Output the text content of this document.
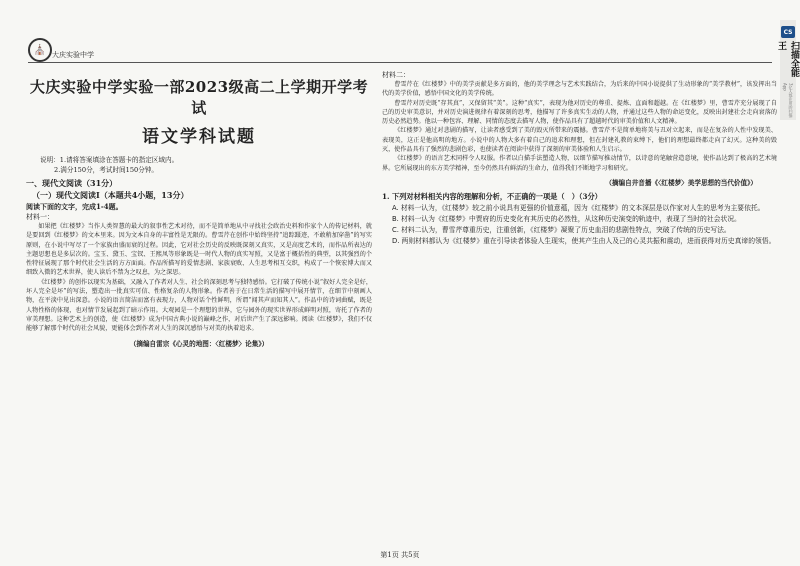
⛪ 大庆实验中学
大庆实验中学实验一部2023级高二上学期开学考试
语文学科试题
说明：1.请将答案填涂在答题卡的指定区域内。
2.满分150分，考试时间150分钟。
一、现代文阅读（31分）
（一）现代文阅读Ⅰ（本题共4小题，13分）
阅读下面的文字，完成1-4题。
材料一：

如果把《红楼梦》当作人类智慧的最大的叙事性艺术对待，而不是简单地从中寻找社会政治史料和作家个人的传记材料，就是要回到《红楼梦》的文本里来。因为文本自身的丰富性是无限的。曹雪芹在创作中始终坚持“追踪蹑迹，不敢稍加穿凿”的写实原则，在小说中写尽了一个家族由盛而衰的过程。因此，它对社会历史的反映既深刻又真实，又是高度艺术的，而作品所表达的主题思想也是多层次的。宝玉、黛玉、宝钗、王熙凤等形象既是一时代人物的真实写照，又是富于概括性的典型，以其强烈的个性特征展现了那个时代社会生活的方方面面。作品所描写的爱情悲剧、家族衰败、人生思考相互交织，构成了一个恢宏博大而又细致入微的艺术世界，使人读后不禁为之叹息，为之深思。

《红楼梦》的创作以现实为基础，又融入了作者对人生、社会的深刻思考与独特感悟。它打破了传统小说“叙好人完全是好，坏人完全是坏”的写法，塑造出一批真实可信、性格复杂的人物形象。作者善于在日常生活的描写中展开情节，在细节中刻画人物，在平淡中见出深意。小说的语言简洁而富有表现力，人物对话个性鲜明，所谓“闻其声而知其人”。作品中的诗词曲赋，既是人物性格的体现，也对情节发展起到了暗示作用。大观园是一个理想的世界，它与园外的现实世界形成鲜明对照，寄托了作者的审美理想。这种艺术上的创造，使《红楼梦》成为中国古典小说的巅峰之作，对后世产生了深远影响。阅读《红楼梦》，我们不仅能够了解那个时代的社会风貌，更能体会到作者对人生的深沉感悟与对美的执着追求。

（摘编自雷宗《心灵的地图：〈红楼梦〉论集》）
材料二：

曹雪芹在《红楼梦》中的美学贡献是多方面的，他的美学理念与艺术实践结合，为后来的中国小说提供了生动形象的“美学教材”，该发挥出当代的美学价值，感悟中国文化的美学传统。

曹雪芹对历史既“存其真”，又保留其“美”。这种“真实”，表现为他对历史的尊重、提炼、直面和超越。在《红楼梦》里，曹雪芹充分展现了自己的历史审美意识，并对历史演进规律有着深刻的思考，他描写了许多真实生动的人物，并通过这些人物的命运变化，反映出封建社会走向衰落的历史必然趋势。他以一种包容、理解、同情的态度去描写人物，使作品具有了超越时代的审美价值和人文精神。

《红楼梦》通过对悲剧的描写，让读者感受到了美的毁灭所带来的震撼。曹雪芹不是简单地将美与丑对立起来，而是在复杂的人性中发现美、表现美，这正是他高明的地方。小说中的人物大多有着自己的追求和理想，但在封建礼教的束缚下，他们的理想最终都走向了幻灭。这种美的毁灭，使作品具有了强烈的悲剧色彩，也使读者在阅读中获得了深刻的审美体验和人生启示。

《红楼梦》的语言艺术同样令人叹服。作者以白描手法塑造人物，以细节描写推动情节，以诗意的笔触营造意境，使作品达到了极高的艺术境界。它所展现出的东方美学精神，至今仍然具有鲜活的生命力，值得我们不断地学习和研究。

（摘编自井音播《〈红楼梦〉美学思想的当代价值》）
1. 下列对材料相关内容的理解和分析，不正确的一项是（　）（3分）
A. 材料一认为，《红楼梦》较之前小说具有更强的价值意蕴，因为《红楼梦》的文本深层是以作家对人生的思考为主要依托。
B. 材料一认为《红楼梦》中贾府的历史变化有其历史的必然性，从这种历史演变的轨迹中，表现了当时的社会状况。
C. 材料二认为，曹雪芹尊重历史，注重创新，《红楼梦》凝聚了历史血泪的悲剧性特点，突破了传统的历史写法。
D. 两则材料都认为《红楼梦》重在引导读者体验人生现实，使其产生由人及己的心灵共振和震动，进而获得对历史真谛的领悟。
第1页 共5页
CS
扫描全能王
3亿人都在用的扫描App
